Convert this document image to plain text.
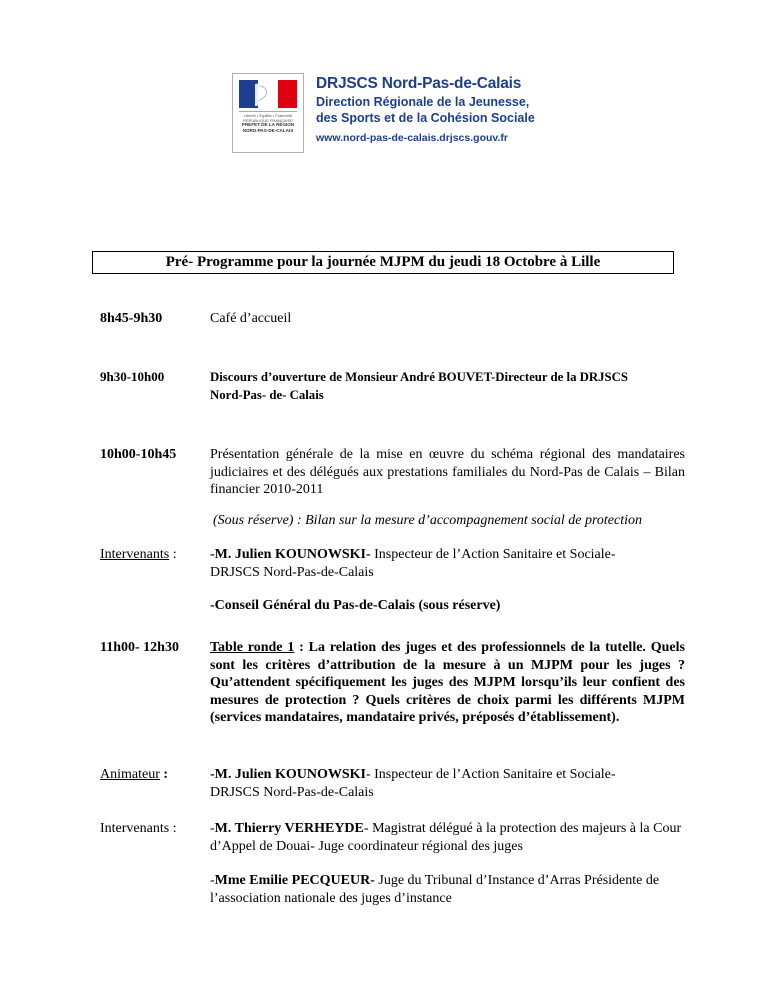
Liberté • Égalité • Fraternité RÉPUBLIQUE FRANÇAISE
PRÉFET DE LA RÉGION NORD-PAS-DE-CALAIS
DRJSCS Nord-Pas-de-Calais
Direction Régionale de la Jeunesse,
des Sports et de la Cohésion Sociale
www.nord-pas-de-calais.drjscs.gouv.fr
Pré- Programme pour la journée MJPM du jeudi 18 Octobre à Lille
8h45-9h30	Café d’accueil
9h30-10h00	Discours d’ouverture de Monsieur André BOUVET-Directeur de la DRJSCS
Nord-Pas- de- Calais
10h00-10h45 Présentation générale de la mise en œuvre du schéma régional des mandataires judiciaires et des délégués aux prestations familiales du Nord-Pas de Calais – Bilan financier 2010-2011
(Sous réserve) : Bilan sur la mesure d’accompagnement social de protection
Intervenants : -M. Julien KOUNOWSKI- Inspecteur de l’Action Sanitaire et Sociale-
DRJSCS Nord-Pas-de-Calais
-Conseil Général du Pas-de-Calais (sous réserve)
11h00- 12h30 Table ronde 1 : La relation des juges et des professionnels de la tutelle. Quels sont les critères d’attribution de la mesure à un MJPM pour les juges ? Qu’attendent spécifiquement les juges des MJPM lorsqu’ils leur confient des mesures de protection ? Quels critères de choix parmi les différents MJPM (services mandataires, mandataire privés, préposés d’établissement).
Animateur :	-M. Julien KOUNOWSKI- Inspecteur de l’Action Sanitaire et Sociale-
DRJSCS Nord-Pas-de-Calais
Intervenants : -M. Thierry VERHEYDE- Magistrat délégué à la protection des majeurs à la Cour d’Appel de Douai- Juge coordinateur régional des juges
-Mme Emilie PECQUEUR- Juge du Tribunal d’Instance d’Arras Présidente de l’association nationale des juges d’instance
